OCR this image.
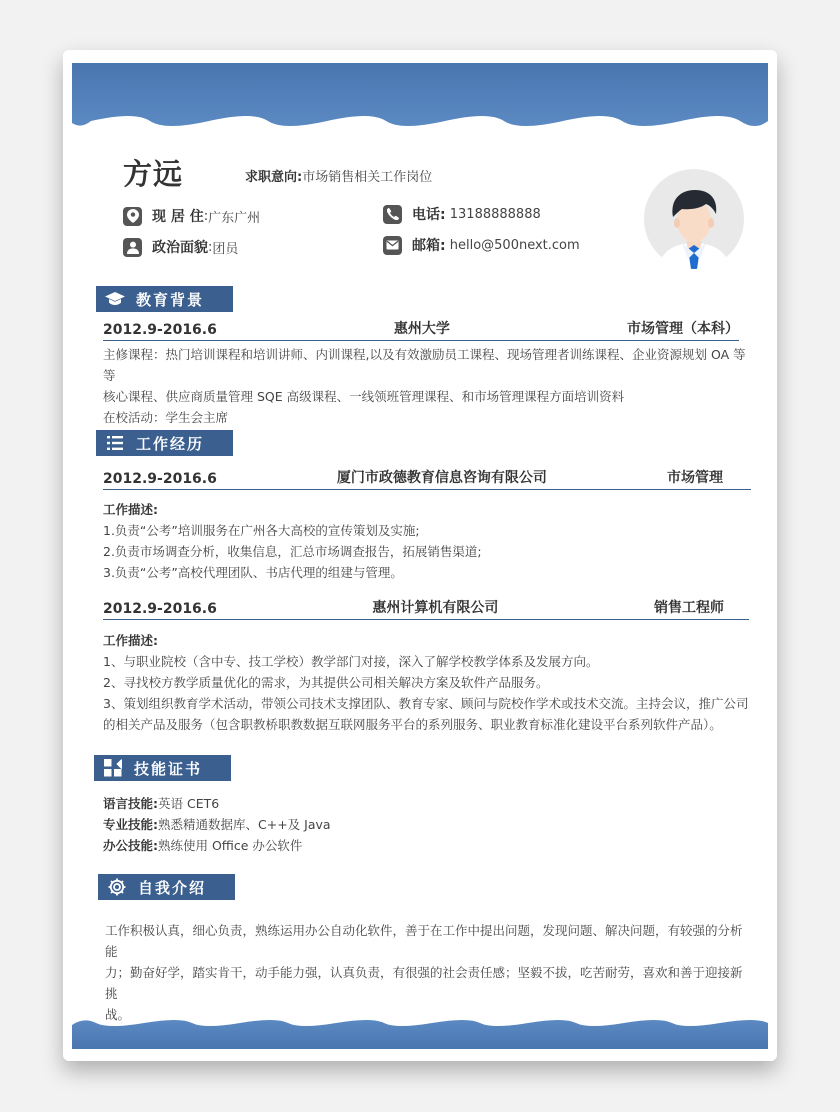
方远	求职意向:市场销售相关工作岗位
现 居 住 : 广东广州
政治面貌 : 团员
电话:
13188888888
邮箱:
hello@500next.com
教育背景
2012.9-2016.6	惠州大学	市场管理（本科）
主修课程：热门培训课程和培训讲师、内训课程,以及有效激励员工课程、现场管理者训练课程、企业资源规划 OA 等等
核心课程、供应商质量管理 SQE 高级课程、一线领班管理课程、和市场管理课程方面培训资料
在校活动：学生会主席
工作经历
2012.9-2016.6	厦门市政德教育信息咨询有限公司	市场管理
工作描述:
1.负责“公考”培训服务在广州各大高校的宣传策划及实施;
2.负责市场调查分析，收集信息，汇总市场调查报告，拓展销售渠道;
3.负责“公考”高校代理团队、书店代理的组建与管理。
2012.9-2016.6	惠州计算机有限公司	销售工程师
工作描述:
1、与职业院校（含中专、技工学校）教学部门对接，深入了解学校教学体系及发展方向。
2、寻找校方教学质量优化的需求，为其提供公司相关解决方案及软件产品服务。
3、策划组织教育学术活动，带领公司技术支撑团队、教育专家、顾问与院校作学术或技术交流。主持会议，推广公司
的相关产品及服务（包含职教桥职教数据互联网服务平台的系列服务、职业教育标准化建设平台系列软件产品）。
技能证书
语言技能:英语 CET6
专业技能:熟悉精通数据库、C++及 Java
办公技能:熟练使用 Office 办公软件
自我介绍
工作积极认真，细心负责，熟练运用办公自动化软件，善于在工作中提出问题，发现问题、解决问题，有较强的分析能
力；勤奋好学，踏实肯干，动手能力强，认真负责，有很强的社会责任感；坚毅不拔，吃苦耐劳，喜欢和善于迎接新挑
战。
